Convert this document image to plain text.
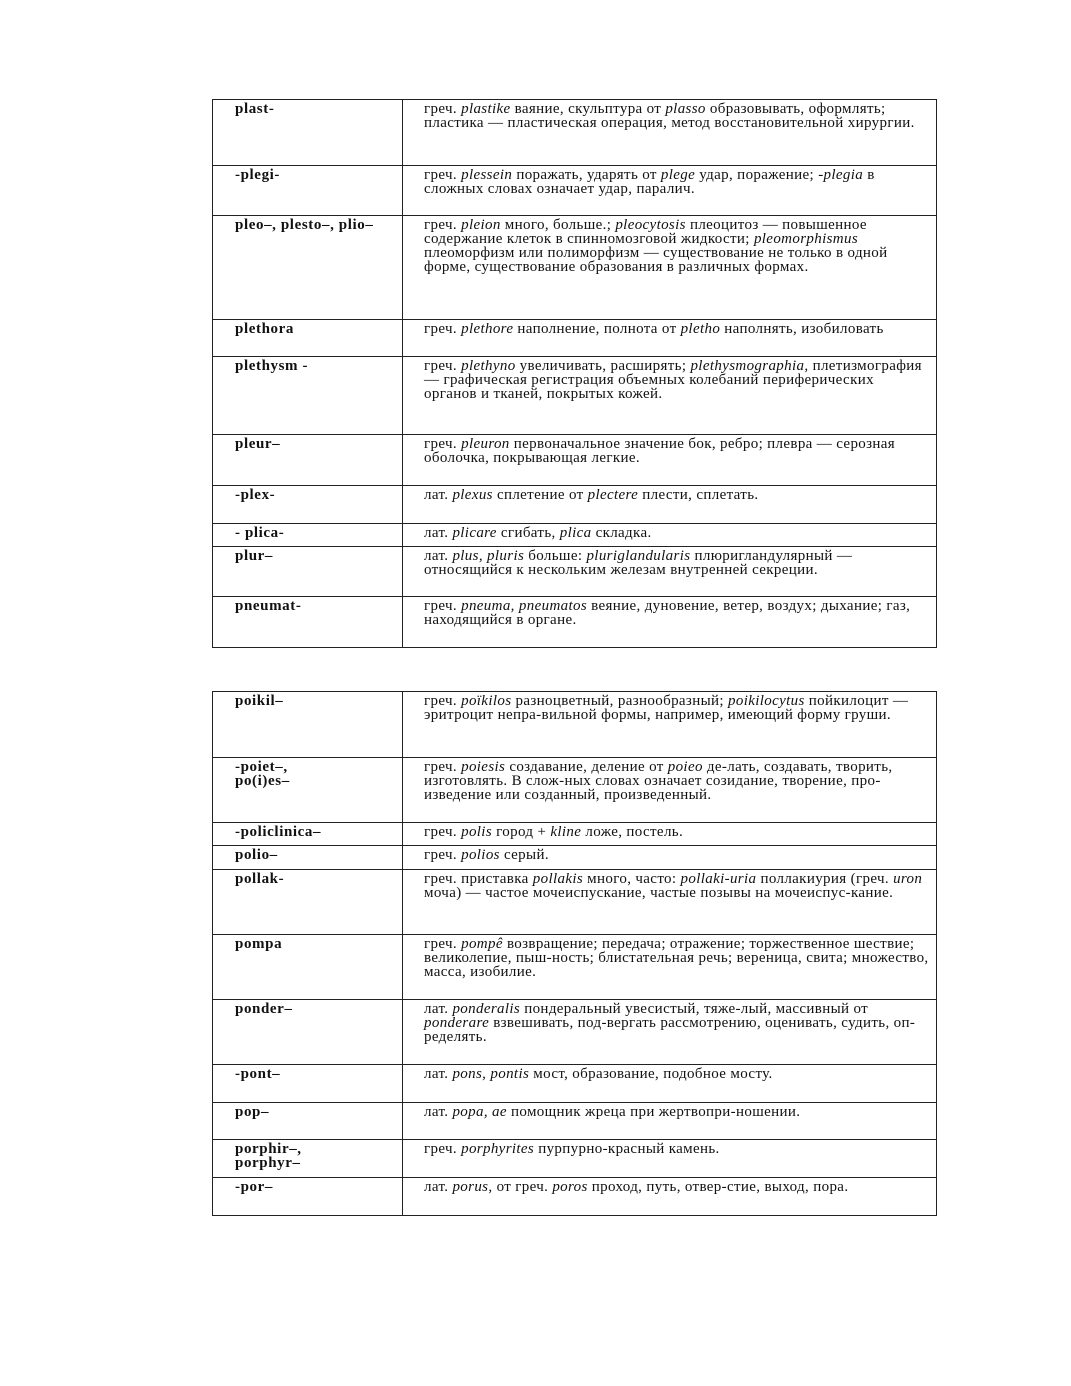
plast-	греч. plastike ваяние, скульптура от plasso образовывать, оформлять; пластика — пластическая операция, метод восстановительной хирургии.
-plegi-	греч. plessein поражать, ударять от plege удар, поражение; -plegia в сложных словах означает удар, паралич.
pleo–, plesto–, plio–	греч. pleion много, больше.; pleocytosis плеоцитоз — повышенное содержание клеток в спинномозговой жидкости; pleomorphismus плеоморфизм или полиморфизм — существование не только в одной форме, существование образования в различных формах.
plethora	греч. plethore наполнение, полнота от pletho наполнять, изобиловать
plethysm -	греч. plethyno увеличивать, расширять; plethysmographia, плетизмография — графическая регистрация объемных колебаний периферических органов и тканей, покрытых кожей.
pleur–	греч. pleuron первоначальное значение бок, ребро; плевра — серозная оболочка, покрывающая легкие.
-plex-	лат. plexus сплетение от plectere плести, сплетать.
- plica-	лат. plicare сгибать, plica складка.
plur–	лат. plus, pluris больше: pluriglandularis плюригландулярный — относящийся к нескольким железам внутренней секреции.
pneumat-	греч. pneuma, pneumatos веяние, дуновение, ветер, воздух; дыхание; газ, находящийся в органе.
poikil–	греч. poïkilos разноцветный, разнообразный; poikilocytus пойкилоцит — эритроцит непра-вильной формы, например, имеющий форму груши.
-poiet–,
po(i)es–	греч. poiesis создавание, деление от poieo де-лать, создавать, творить, изготовлять. В слож-ных словах означает созидание, творение, про-изведение или созданный, произведенный.
-policlinica–	греч. polis город + kline ложе, постель.
polio–	греч. polios серый.
pollak-	греч. приставка pollakis много, часто: pollaki-uria поллакиурия (греч. uron моча) — частое мочеиспускание, частые позывы на мочеиспус-кание.
pompa	греч. pompê возвращение; передача; отражение; торжественное шествие; великолепие, пыш-ность; блистательная речь; вереница, свита; множество, масса, изобилие.
ponder–	лат. ponderalis пондеральный увесистый, тяже-лый, массивный от ponderare взвешивать, под-вергать рассмотрению, оценивать, судить, оп-ределять.
-pont–	лат. pons, pontis мост, образование, подобное мосту.
pop–	лат. popa, ae помощник жреца при жертвопри-ношении.
porphir–,
porphyr–	греч. porphyrites пурпурно-красный камень.
-por–	лат. porus, от греч. poros проход, путь, отвер-стие, выход, пора.
